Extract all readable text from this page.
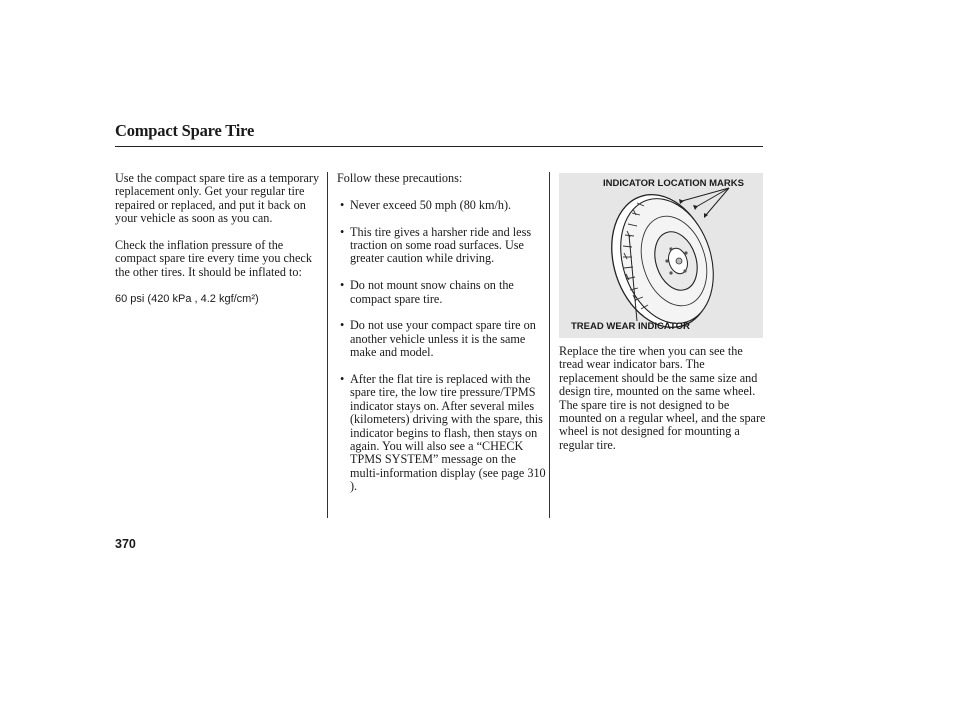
Compact Spare Tire

Use the compact spare tire as a temporary replacement only. Get your regular tire repaired or replaced, and put it back on your vehicle as soon as you can.

Check the inflation pressure of the compact spare tire every time you check the other tires. It should be inflated to:

60 psi (420 kPa , 4.2 kgf/cm²)

Follow these precautions:

• Never exceed 50 mph (80 km/h).
• This tire gives a harsher ride and less traction on some road surfaces. Use greater caution while driving.
• Do not mount snow chains on the compact spare tire.
• Do not use your compact spare tire on another vehicle unless it is the same make and model.
• After the flat tire is replaced with the spare tire, the low tire pressure/TPMS indicator stays on. After several miles (kilometers) driving with the spare, this indicator begins to flash, then stays on again. You will also see a “CHECK TPMS SYSTEM” message on the multi-information display (see page 310 ).
INDICATOR LOCATION MARKS
TREAD WEAR INDICATOR

Replace the tire when you can see the tread wear indicator bars. The replacement should be the same size and design tire, mounted on the same wheel. The spare tire is not designed to be mounted on a regular wheel, and the spare wheel is not designed for mounting a regular tire.

370
